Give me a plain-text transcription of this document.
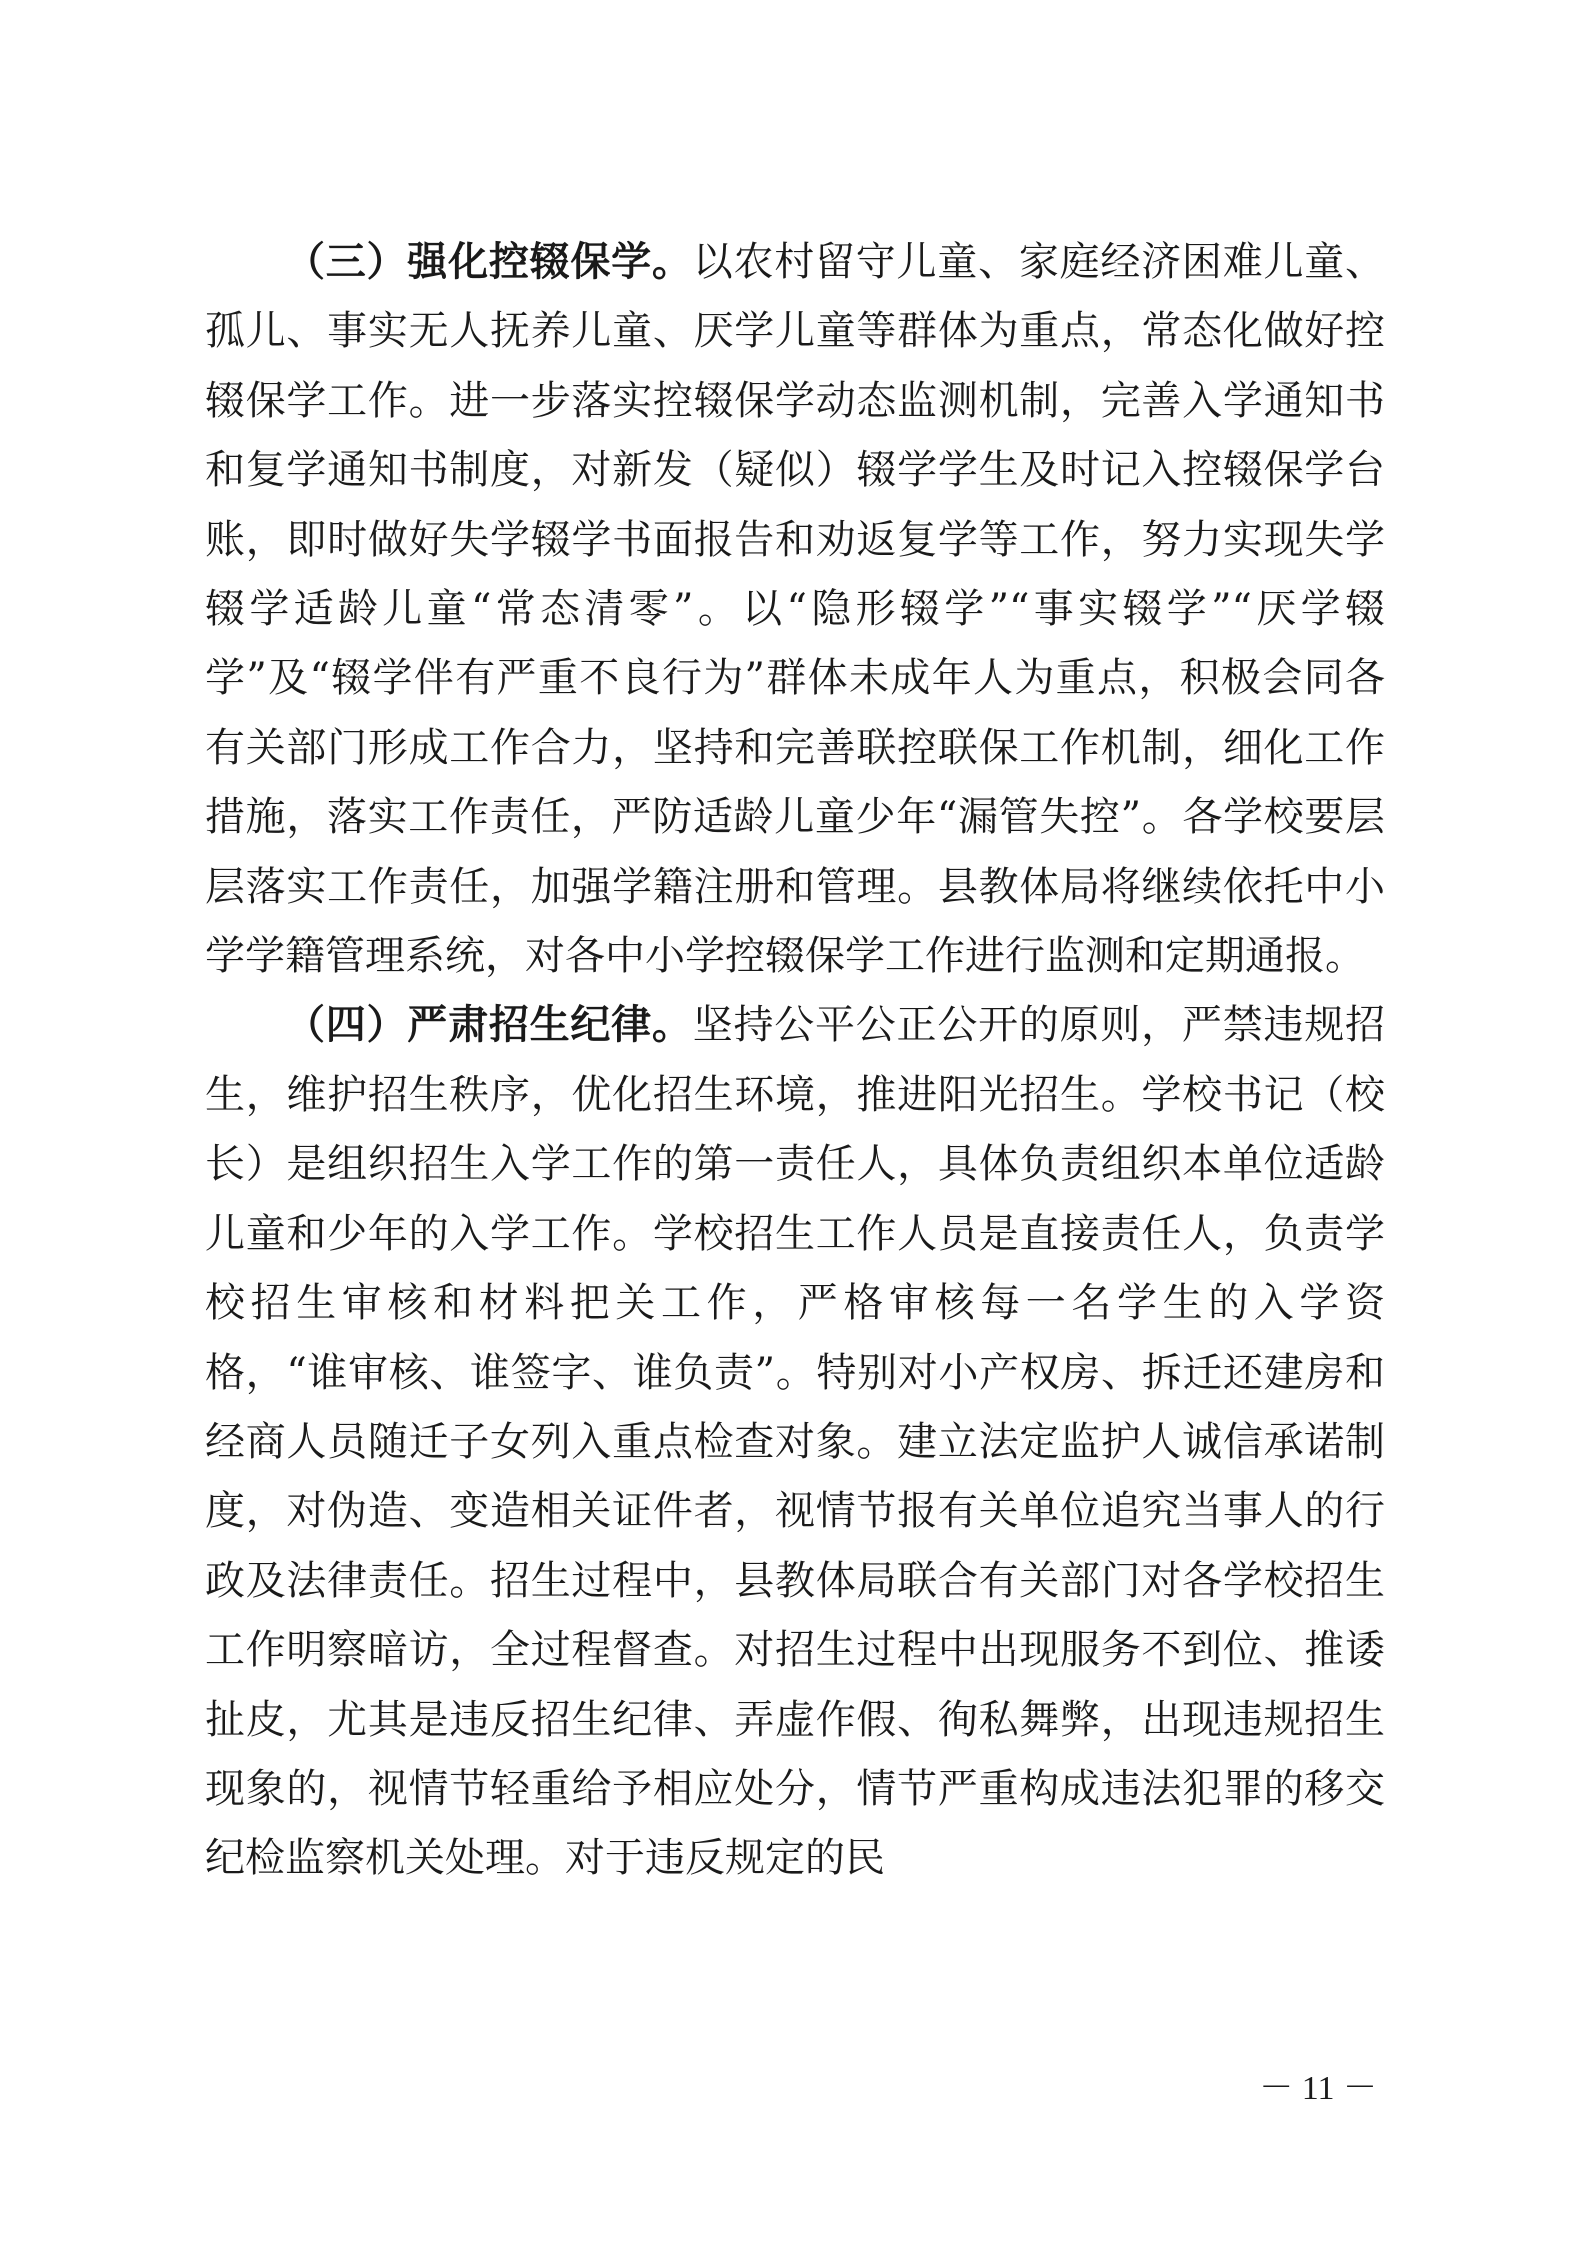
（三）强化控辍保学。以农村留守儿童、家庭经济困难儿童、孤儿、事实无人抚养儿童、厌学儿童等群体为重点，常态化做好控辍保学工作。进一步落实控辍保学动态监测机制，完善入学通知书和复学通知书制度，对新发（疑似）辍学学生及时记入控辍保学台账，即时做好失学辍学书面报告和劝返复学等工作，努力实现失学辍学适龄儿童“常态清零”。以“隐形辍学”“事实辍学”“厌学辍学”及“辍学伴有严重不良行为”群体未成年人为重点，积极会同各有关部门形成工作合力，坚持和完善联控联保工作机制，细化工作措施，落实工作责任，严防适龄儿童少年“漏管失控”。各学校要层层落实工作责任，加强学籍注册和管理。县教体局将继续依托中小学学籍管理系统，对各中小学控辍保学工作进行监测和定期通报。

（四）严肃招生纪律。坚持公平公正公开的原则，严禁违规招生，维护招生秩序，优化招生环境，推进阳光招生。学校书记（校长）是组织招生入学工作的第一责任人，具体负责组织本单位适龄儿童和少年的入学工作。学校招生工作人员是直接责任人，负责学校招生审核和材料把关工作，严格审核每一名学生的入学资格，“谁审核、谁签字、谁负责”。特别对小产权房、拆迁还建房和经商人员随迁子女列入重点检查对象。建立法定监护人诚信承诺制度，对伪造、变造相关证件者，视情节报有关单位追究当事人的行政及法律责任。招生过程中，县教体局联合有关部门对各学校招生工作明察暗访，全过程督查。对招生过程中出现服务不到位、推诿扯皮，尤其是违反招生纪律、弄虚作假、徇私舞弊，出现违规招生现象的，视情节轻重给予相应处分，情节严重构成违法犯罪的移交纪检监察机关处理。对于违反规定的民

－ 11 －
